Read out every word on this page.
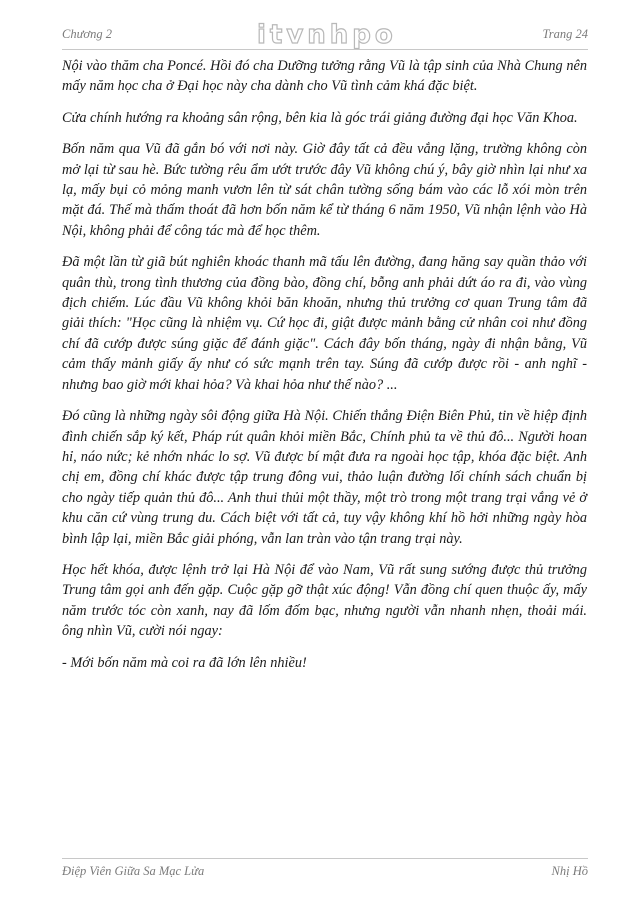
Chương 2	itvnhpo	Trang 24

Nội vào thăm cha Poncé. Hồi đó cha Dưỡng tưởng rằng Vũ là tập sinh của Nhà Chung nên mấy năm học cha ở Đại học này cha dành cho Vũ tình cảm khá đặc biệt.

Cửa chính hướng ra khoảng sân rộng, bên kia là góc trái giảng đường đại học Văn Khoa.

Bốn năm qua Vũ đã gắn bó với nơi này. Giờ đây tất cả đều vắng lặng, trường không còn mở lại từ sau hè. Bức tường rêu ẩm ướt trước đây Vũ không chú ý, bây giờ nhìn lại như xa lạ, mấy bụi cỏ mỏng manh vươn lên từ sát chân tường sống bám vào các lỗ xói mòn trên mặt đá. Thế mà thấm thoát đã hơn bốn năm kể từ tháng 6 năm 1950, Vũ nhận lệnh vào Hà Nội, không phải để công tác mà để học thêm.

Đã một lần từ giã bút nghiên khoác thanh mã tấu lên đường, đang hăng say quần thảo với quân thù, trong tình thương của đồng bào, đồng chí, bỗng anh phải dứt áo ra đi, vào vùng địch chiếm. Lúc đầu Vũ không khỏi băn khoăn, nhưng thủ trưởng cơ quan Trung tâm đã giải thích: "Học cũng là nhiệm vụ. Cứ học đi, giật được mảnh bằng cử nhân coi như đồng chí đã cướp được súng giặc để đánh giặc". Cách đây bốn tháng, ngày đi nhận bằng, Vũ cảm thấy mảnh giấy ấy như có sức mạnh trên tay. Súng đã cướp được rồi - anh nghĩ - nhưng bao giờ mới khai hỏa? Và khai hỏa như thế nào? ...

Đó cũng là những ngày sôi động giữa Hà Nội. Chiến thắng Điện Biên Phủ, tin về hiệp định đình chiến sắp ký kết, Pháp rút quân khỏi miền Bắc, Chính phủ ta về thủ đô... Người hoan hỉ, náo nức; kẻ nhớn nhác lo sợ. Vũ được bí mật đưa ra ngoài học tập, khóa đặc biệt. Anh chị em, đồng chí khác được tập trung đông vui, thảo luận đường lối chính sách chuẩn bị cho ngày tiếp quản thủ đô... Anh thui thủi một thầy, một trò trong một trang trại vắng vẻ ở khu căn cứ vùng trung du. Cách biệt với tất cả, tuy vậy không khí hồ hởi những ngày hòa bình lập lại, miền Bắc giải phóng, vẫn lan tràn vào tận trang trại này.

Học hết khóa, được lệnh trở lại Hà Nội để vào Nam, Vũ rất sung sướng được thủ trưởng Trung tâm gọi anh đến gặp. Cuộc gặp gỡ thật xúc động! Vẫn đồng chí quen thuộc ấy, mấy năm trước tóc còn xanh, nay đã lốm đốm bạc, nhưng người vẫn nhanh nhẹn, thoải mái. ông nhìn Vũ, cười nói ngay:

- Mới bốn năm mà coi ra đã lớn lên nhiều!

Điệp Viên Giữa Sa Mạc Lửa	Nhị Hồ
